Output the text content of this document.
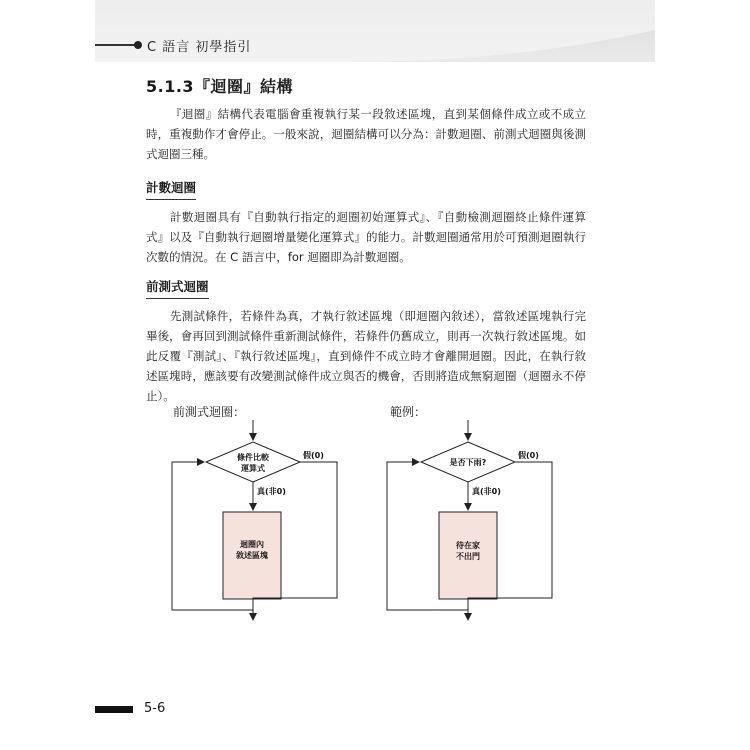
C 語言 初學指引
5.1.3『迴圈』結構

『迴圈』結構代表電腦會重複執行某一段敘述區塊，直到某個條件成立或不成立時，重複動作才會停止。一般來說，迴圈結構可以分為：計數迴圈、前測式迴圈與後測式迴圈三種。

計數迴圈

計數迴圈具有『自動執行指定的迴圈初始運算式』、『自動檢測迴圈終止條件運算式』以及『自動執行迴圈增量變化運算式』的能力。計數迴圈通常用於可預測迴圈執行次數的情況。在 C 語言中，for 迴圈即為計數迴圈。

前測式迴圈

先測試條件，若條件為真，才執行敘述區塊（即迴圈內敘述），當敘述區塊執行完畢後，會再回到測試條件重新測試條件，若條件仍舊成立，則再一次執行敘述區塊。如此反覆『測試』、『執行敘述區塊』，直到條件不成立時才會離開迴圈。因此，在執行敘述區塊時，應該要有改變測試條件成立與否的機會，否則將造成無窮迴圈（迴圈永不停止）。

前測式迴圈：	範例：
條件比較
運算式
假(0)
真(非0)
迴圈內
敘述區塊
是否下雨?
假(0)
真(非0)
待在家
不出門
5-6
